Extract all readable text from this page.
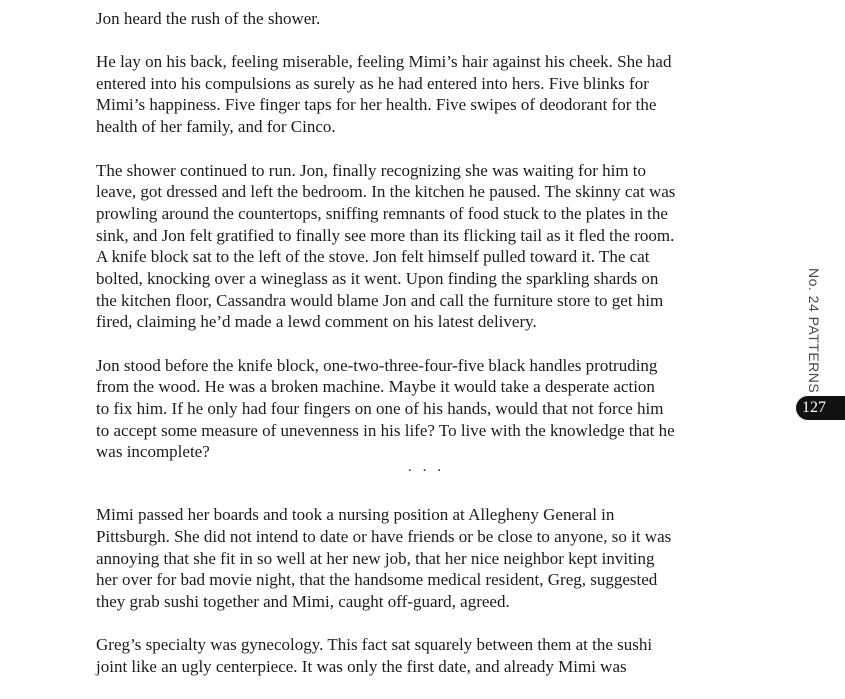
Jon heard the rush of the shower.
He lay on his back, feeling miserable, feeling Mimi’s hair against his cheek. She had
entered into his compulsions as surely as he had entered into hers. Five blinks for
Mimi’s happiness. Five finger taps for her health. Five swipes of deodorant for the
health of her family, and for Cinco.
The shower continued to run. Jon, finally recognizing she was waiting for him to
leave, got dressed and left the bedroom. In the kitchen he paused. The skinny cat was
prowling around the countertops, sniffing remnants of food stuck to the plates in the
sink, and Jon felt gratified to finally see more than its flicking tail as it fled the room.
A knife block sat to the left of the stove. Jon felt himself pulled toward it. The cat
bolted, knocking over a wineglass as it went. Upon finding the sparkling shards on
the kitchen floor, Cassandra would blame Jon and call the furniture store to get him
fired, claiming he’d made a lewd comment on his latest delivery.
Jon stood before the knife block, one-two-three-four-five black handles protruding
from the wood. He was a broken machine. Maybe it would take a desperate action
to fix him. If he only had four fingers on one of his hands, would that not force him
to accept some measure of unevenness in his life? To live with the knowledge that he
was incomplete?
· · ·
Mimi passed her boards and took a nursing position at Allegheny General in
Pittsburgh. She did not intend to date or have friends or be close to anyone, so it was
annoying that she fit in so well at her new job, that her nice neighbor kept inviting
her over for bad movie night, that the handsome medical resident, Greg, suggested
they grab sushi together and Mimi, caught off-guard, agreed.
Greg’s specialty was gynecology. This fact sat squarely between them at the sushi
joint like an ugly centerpiece. It was only the first date, and already Mimi was
No. 24 PATTERNS
127
